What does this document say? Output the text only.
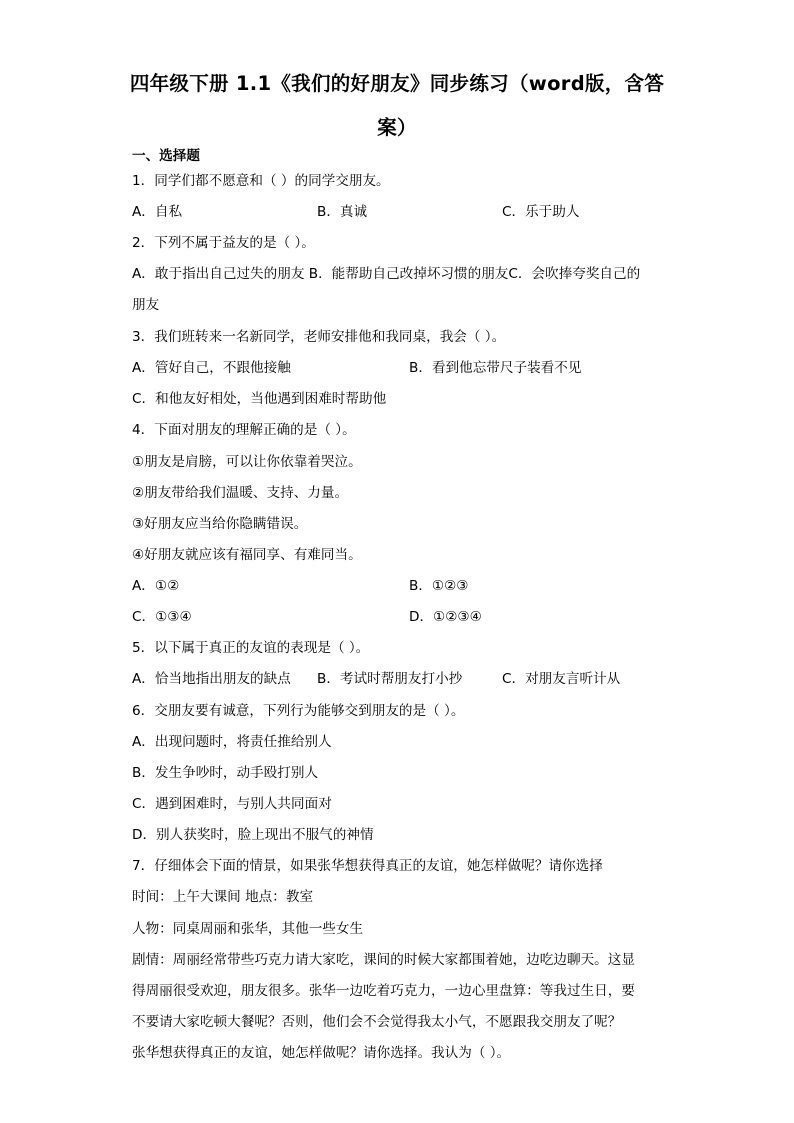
四年级下册 1.1《我们的好朋友》同步练习（word版，含答
案）
一、选择题
1．同学们都不愿意和（ ）的同学交朋友。
A．自私	B．真诚	C．乐于助人
2．下列不属于益友的是（ ）。
A．敢于指出自己过失的朋友 B．能帮助自己改掉坏习惯的朋友C．会吹捧夸奖自己的
朋友
3．我们班转来一名新同学，老师安排他和我同桌，我会（ ）。
A．管好自己，不跟他接触	B．看到他忘带尺子装看不见
C．和他友好相处，当他遇到困难时帮助他
4．下面对朋友的理解正确的是（ ）。
①朋友是肩膀，可以让你依靠着哭泣。
②朋友带给我们温暖、支持、力量。
③好朋友应当给你隐瞒错误。
④好朋友就应该有福同享、有难同当。
A．①②	B．①②③
C．①③④	D．①②③④
5．以下属于真正的友谊的表现是（ ）。
A．恰当地指出朋友的缺点 B．考试时帮朋友打小抄	C．对朋友言听计从
6．交朋友要有诚意，下列行为能够交到朋友的是（ ）。
A．出现问题时，将责任推给别人
B．发生争吵时，动手殴打别人
C．遇到困难时，与别人共同面对
D．别人获奖时，脸上现出不服气的神情
7．仔细体会下面的情景，如果张华想获得真正的友谊，她怎样做呢？请你选择
时间：上午大课间 地点：教室
人物：同桌周丽和张华，其他一些女生
剧情：周丽经常带些巧克力请大家吃，课间的时候大家都围着她，边吃边聊天。这显
得周丽很受欢迎，朋友很多。张华一边吃着巧克力，一边心里盘算：等我过生日，要
不要请大家吃顿大餐呢？否则，他们会不会觉得我太小气，不愿跟我交朋友了呢？
张华想获得真正的友谊，她怎样做呢？请你选择。我认为（ ）。
